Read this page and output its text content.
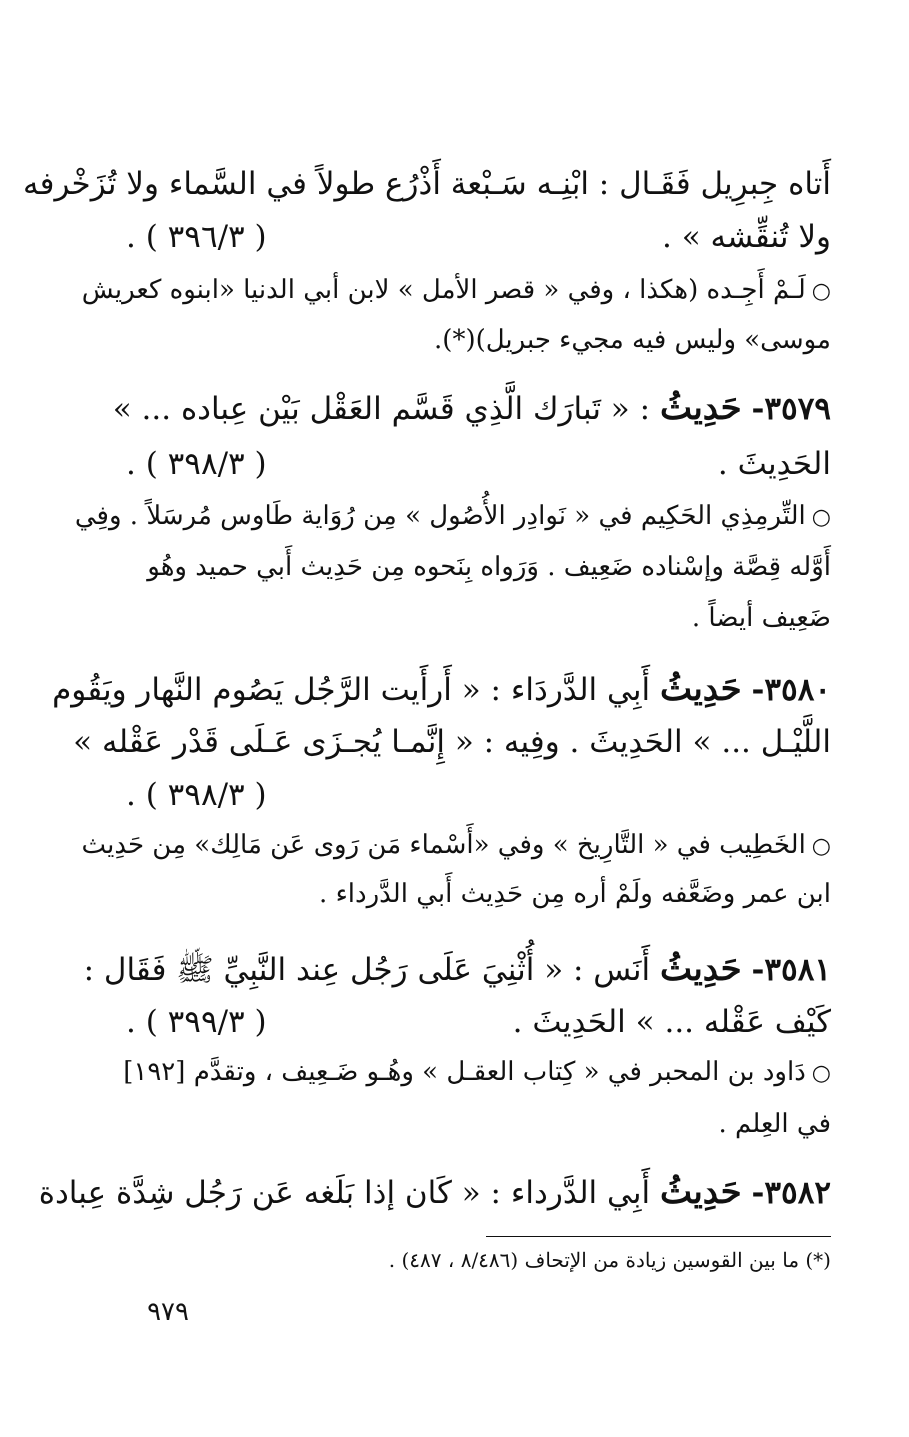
أَتاه جِبرِيل فَقَـال : ابْنِـه سَـبْعة أَذْرُع طولاً في السَّماء ولا تُزَخْرفه
ولا تُنقِّشه » .
( ٣٩٦/٣ ) .
○لَـمْ أَجِـده (هكذا ، وفي « قصر الأمل » لابن أبي الدنيا «ابنوه كعريش
موسى» وليس فيه مجيء جبريل)(*).
٣٥٧٩- حَدِيثُ : « تَبارَك الَّذِي قَسَّم العَقْل بَيْن عِباده ... »
الحَدِيثَ .
( ٣٩٨/٣ ) .
○التِّرمِذِي الحَكِيم في « نَوادِر الأُصُول » مِن رُوَاية طَاوس مُرسَلاً . وفِي
أَوَّله قِصَّة وإسْناده ضَعِيف . وَرَواه بِنَحوه مِن حَدِيث أَبي حميد وهُو
ضَعِيف أيضاً .
٣٥٨٠- حَدِيثُ أَبِي الدَّردَاء : « أَرأَيت الرَّجُل يَصُوم النَّهار ويَقُوم
اللَّيْـل ... » الحَدِيثَ . وفِيه : « إِنَّمـا يُجـزَى عَـلَى قَدْر عَقْله »
( ٣٩٨/٣ ) .
○الخَطِيب في « التَّارِيخ » وفي «أَسْماء مَن رَوى عَن مَالِك» مِن حَدِيث
ابن عمر وضَعَّفه ولَمْ أره مِن حَدِيث أَبي الدَّرداء .
٣٥٨١- حَدِيثُ أَنَس : « أُثْنِيَ عَلَى رَجُل عِند النَّبِيِّ ﷺ فَقَال :
كَيْف عَقْله ... » الحَدِيثَ .
( ٣٩٩/٣ ) .
○دَاود بن المحبر في « كِتاب العقـل » وهُـو ضَـعِيف ، وتقدَّم [١٩٢]
في العِلم .
٣٥٨٢- حَدِيثُ أَبِي الدَّرداء : « كَان إذا بَلَغه عَن رَجُل شِدَّة عِبادة
(*) ما بين القوسين زيادة من الإتحاف (٨/٤٨٦ ، ٤٨٧) .
٩٧٩
